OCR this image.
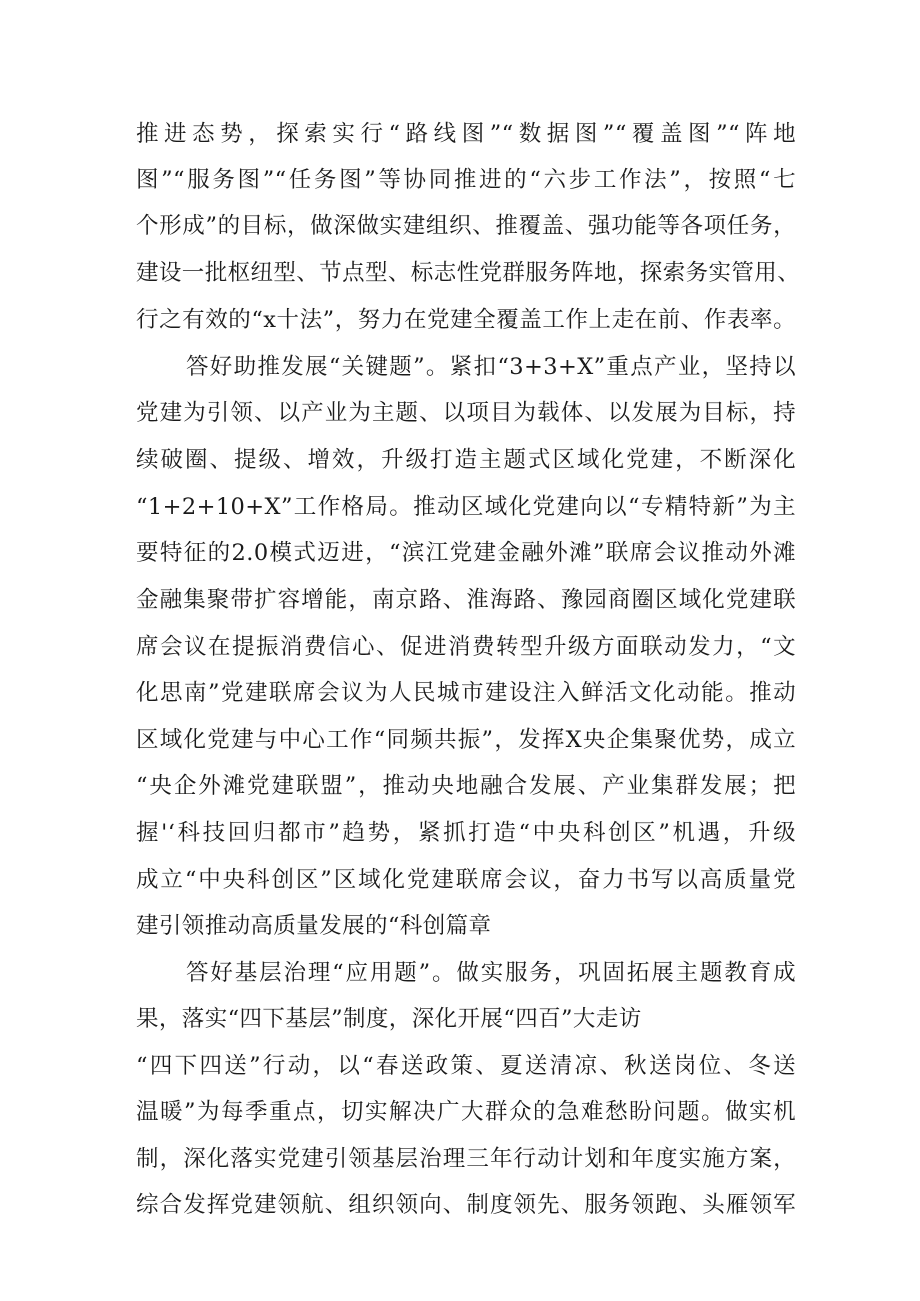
推进态势，探索实行“路线图”“数据图”“覆盖图”“阵地
图”“服务图”“任务图”等协同推进的“六步工作法”，按照“七
个形成”的目标，做深做实建组织、推覆盖、强功能等各项任务，
建设一批枢纽型、节点型、标志性党群服务阵地，探索务实管用、
行之有效的“x十法”，努力在党建全覆盖工作上走在前、作表率。
答好助推发展“关键题”。紧扣“3+3+X”重点产业，坚持以
党建为引领、以产业为主题、以项目为载体、以发展为目标，持
续破圈、提级、增效，升级打造主题式区域化党建，不断深化
“1+2+10+X”工作格局。推动区域化党建向以“专精特新”为主
要特征的2.0模式迈进，“滨江党建金融外滩”联席会议推动外滩
金融集聚带扩容增能，南京路、淮海路、豫园商圈区域化党建联
席会议在提振消费信心、促进消费转型升级方面联动发力，“文
化思南”党建联席会议为人民城市建设注入鲜活文化动能。推动
区域化党建与中心工作“同频共振”，发挥X央企集聚优势，成立
“央企外滩党建联盟”，推动央地融合发展、产业集群发展；把
握'‘科技回归都市”趋势，紧抓打造“中央科创区”机遇，升级
成立“中央科创区”区域化党建联席会议，奋力书写以高质量党
建引领推动高质量发展的“科创篇章
答好基层治理“应用题”。做实服务，巩固拓展主题教育成
果，落实“四下基层”制度，深化开展“四百”大走访
“四下四送”行动，以“春送政策、夏送清凉、秋送岗位、冬送
温暖”为每季重点，切实解决广大群众的急难愁盼问题。做实机
制，深化落实党建引领基层治理三年行动计划和年度实施方案，
综合发挥党建领航、组织领向、制度领先、服务领跑、头雁领军
